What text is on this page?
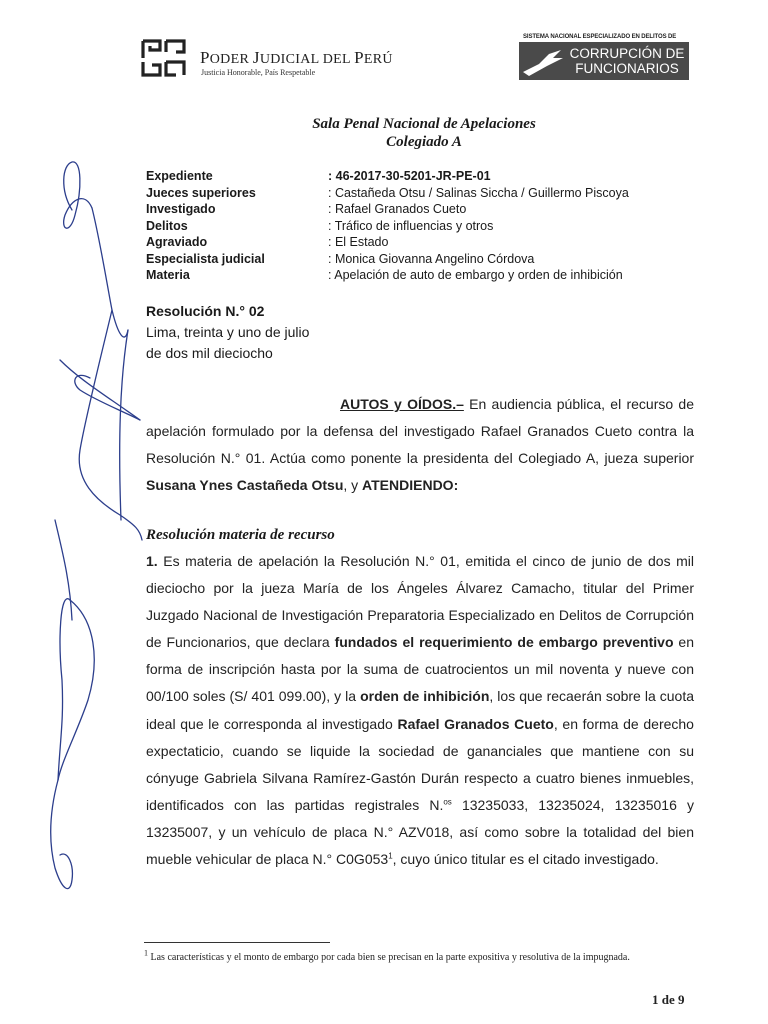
PODER JUDICIAL DEL PERÚ
Justicia Honorable, País Respetable
SISTEMA NACIONAL ESPECIALIZADO EN DELITOS DE
CORRUPCIÓN DE
FUNCIONARIOS
Sala Penal Nacional de Apelaciones
Colegiado A
Expediente	: 46-2017-30-5201-JR-PE-01
Jueces superiores	: Castañeda Otsu / Salinas Siccha / Guillermo Piscoya
Investigado	: Rafael Granados Cueto
Delitos	: Tráfico de influencias y otros
Agraviado	: El Estado
Especialista judicial	: Monica Giovanna Angelino Córdova
Materia	: Apelación de auto de embargo y orden de inhibición
Resolución N.° 02
Lima, treinta y uno de julio
de dos mil dieciocho
AUTOS y OÍDOS.– En audiencia pública, el recurso de apelación formulado por la defensa del investigado Rafael Granados Cueto contra la Resolución N.° 01. Actúa como ponente la presidenta del Colegiado A, jueza superior Susana Ynes Castañeda Otsu, y ATENDIENDO:
Resolución materia de recurso
1. Es materia de apelación la Resolución N.° 01, emitida el cinco de junio de dos mil dieciocho por la jueza María de los Ángeles Álvarez Camacho, titular del Primer Juzgado Nacional de Investigación Preparatoria Especializado en Delitos de Corrupción de Funcionarios, que declara fundados el requerimiento de embargo preventivo en forma de inscripción hasta por la suma de cuatrocientos un mil noventa y nueve con 00/100 soles (S/ 401 099.00), y la orden de inhibición, los que recaerán sobre la cuota ideal que le corresponda al investigado Rafael Granados Cueto, en forma de derecho expectaticio, cuando se liquide la sociedad de gananciales que mantiene con su cónyuge Gabriela Silvana Ramírez-Gastón Durán respecto a cuatro bienes inmuebles, identificados con las partidas registrales N.$^{os}$ 13235033, 13235024, 13235016 y 13235007, y un vehículo de placa N.° AZV018, así como sobre la totalidad del bien mueble vehicular de placa N.° $C0G053^1$, cuyo único titular es el citado investigado.
$^1$ Las características y el monto de embargo por cada bien se precisan en la parte expositiva y resolutiva de la impugnada.
1 de 9
